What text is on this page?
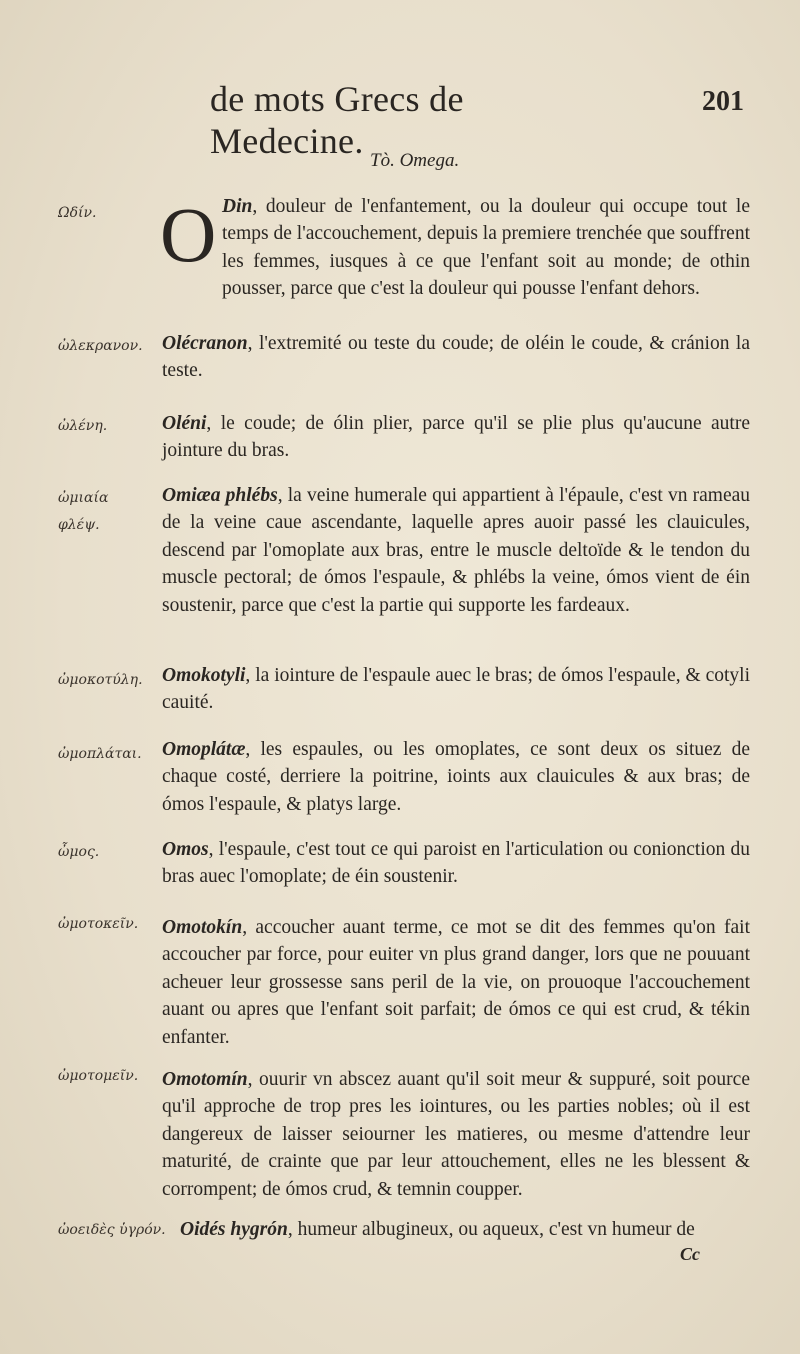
de mots Grecs de Medecine.
201
Tò. Omega.
Ωδίν. O Din, douleur de l'enfantement, ou la douleur qui occupe tout le temps de l'accouchement, depuis la premiere trenchée que souffrent les femmes, iusques à ce que l'enfant soit au monde; de othin pousser, parce que c'est la douleur qui pousse l'enfant dehors.
ὠλεκρανον. Olécranon, l'extremité ou teste du coude; de oléin le coude, & cránion la teste.
ὠλένη.	Oléni, le coude; de ólin plier, parce qu'il se plie plus qu'aucune autre jointure du bras.
ὠμιαία
φλέψ.
Omiæa phlébs, la veine humerale qui appartient à l'épaule, c'est vn rameau de la veine caue ascendante, laquelle apres auoir passé les clauicules, descend par l'omoplate aux bras, entre le muscle deltoïde & le tendon du muscle pectoral; de ómos l'espaule, & phlébs la veine, ómos vient de éin soustenir, parce que c'est la partie qui supporte les fardeaux.
ὠμοκοτύλη. Omokotyli, la iointure de l'espaule auec le bras; de ómos l'espaule, & cotyli cauité.
ὠμοπλάται. Omoplátæ, les espaules, ou les omoplates, ce sont deux os situez de chaque costé, derriere la poitrine, ioints aux clauicules & aux bras; de ómos l'espaule, & platys large.
ὦμος.	Omos, l'espaule, c'est tout ce qui paroist en l'articulation ou conionction du bras auec l'omoplate; de éin soustenir.
ὠμοτοκεῖν. Omotokín, accoucher auant terme, ce mot se dit des femmes qu'on fait accoucher par force, pour euiter vn plus grand danger, lors que ne pouuant acheuer leur grossesse sans peril de la vie, on prouoque l'accouchement auant ou apres que l'enfant soit parfait; de ómos ce qui est crud, & tékin enfanter.
ὠμοτομεῖν. Omotomín, ouurir vn abscez auant qu'il soit meur & suppuré, soit pource qu'il approche de trop pres les iointures, ou les parties nobles; où il est dangereux de laisser seiourner les matieres, ou mesme d'attendre leur maturité, de crainte que par leur attouchement, elles ne les blessent & corrompent; de ómos crud, & temnin coupper.
ὠοειδὲς ὑγρόν. Oidés hygrón, humeur albugineux, ou aqueux, c'est vn humeur de
Cc
